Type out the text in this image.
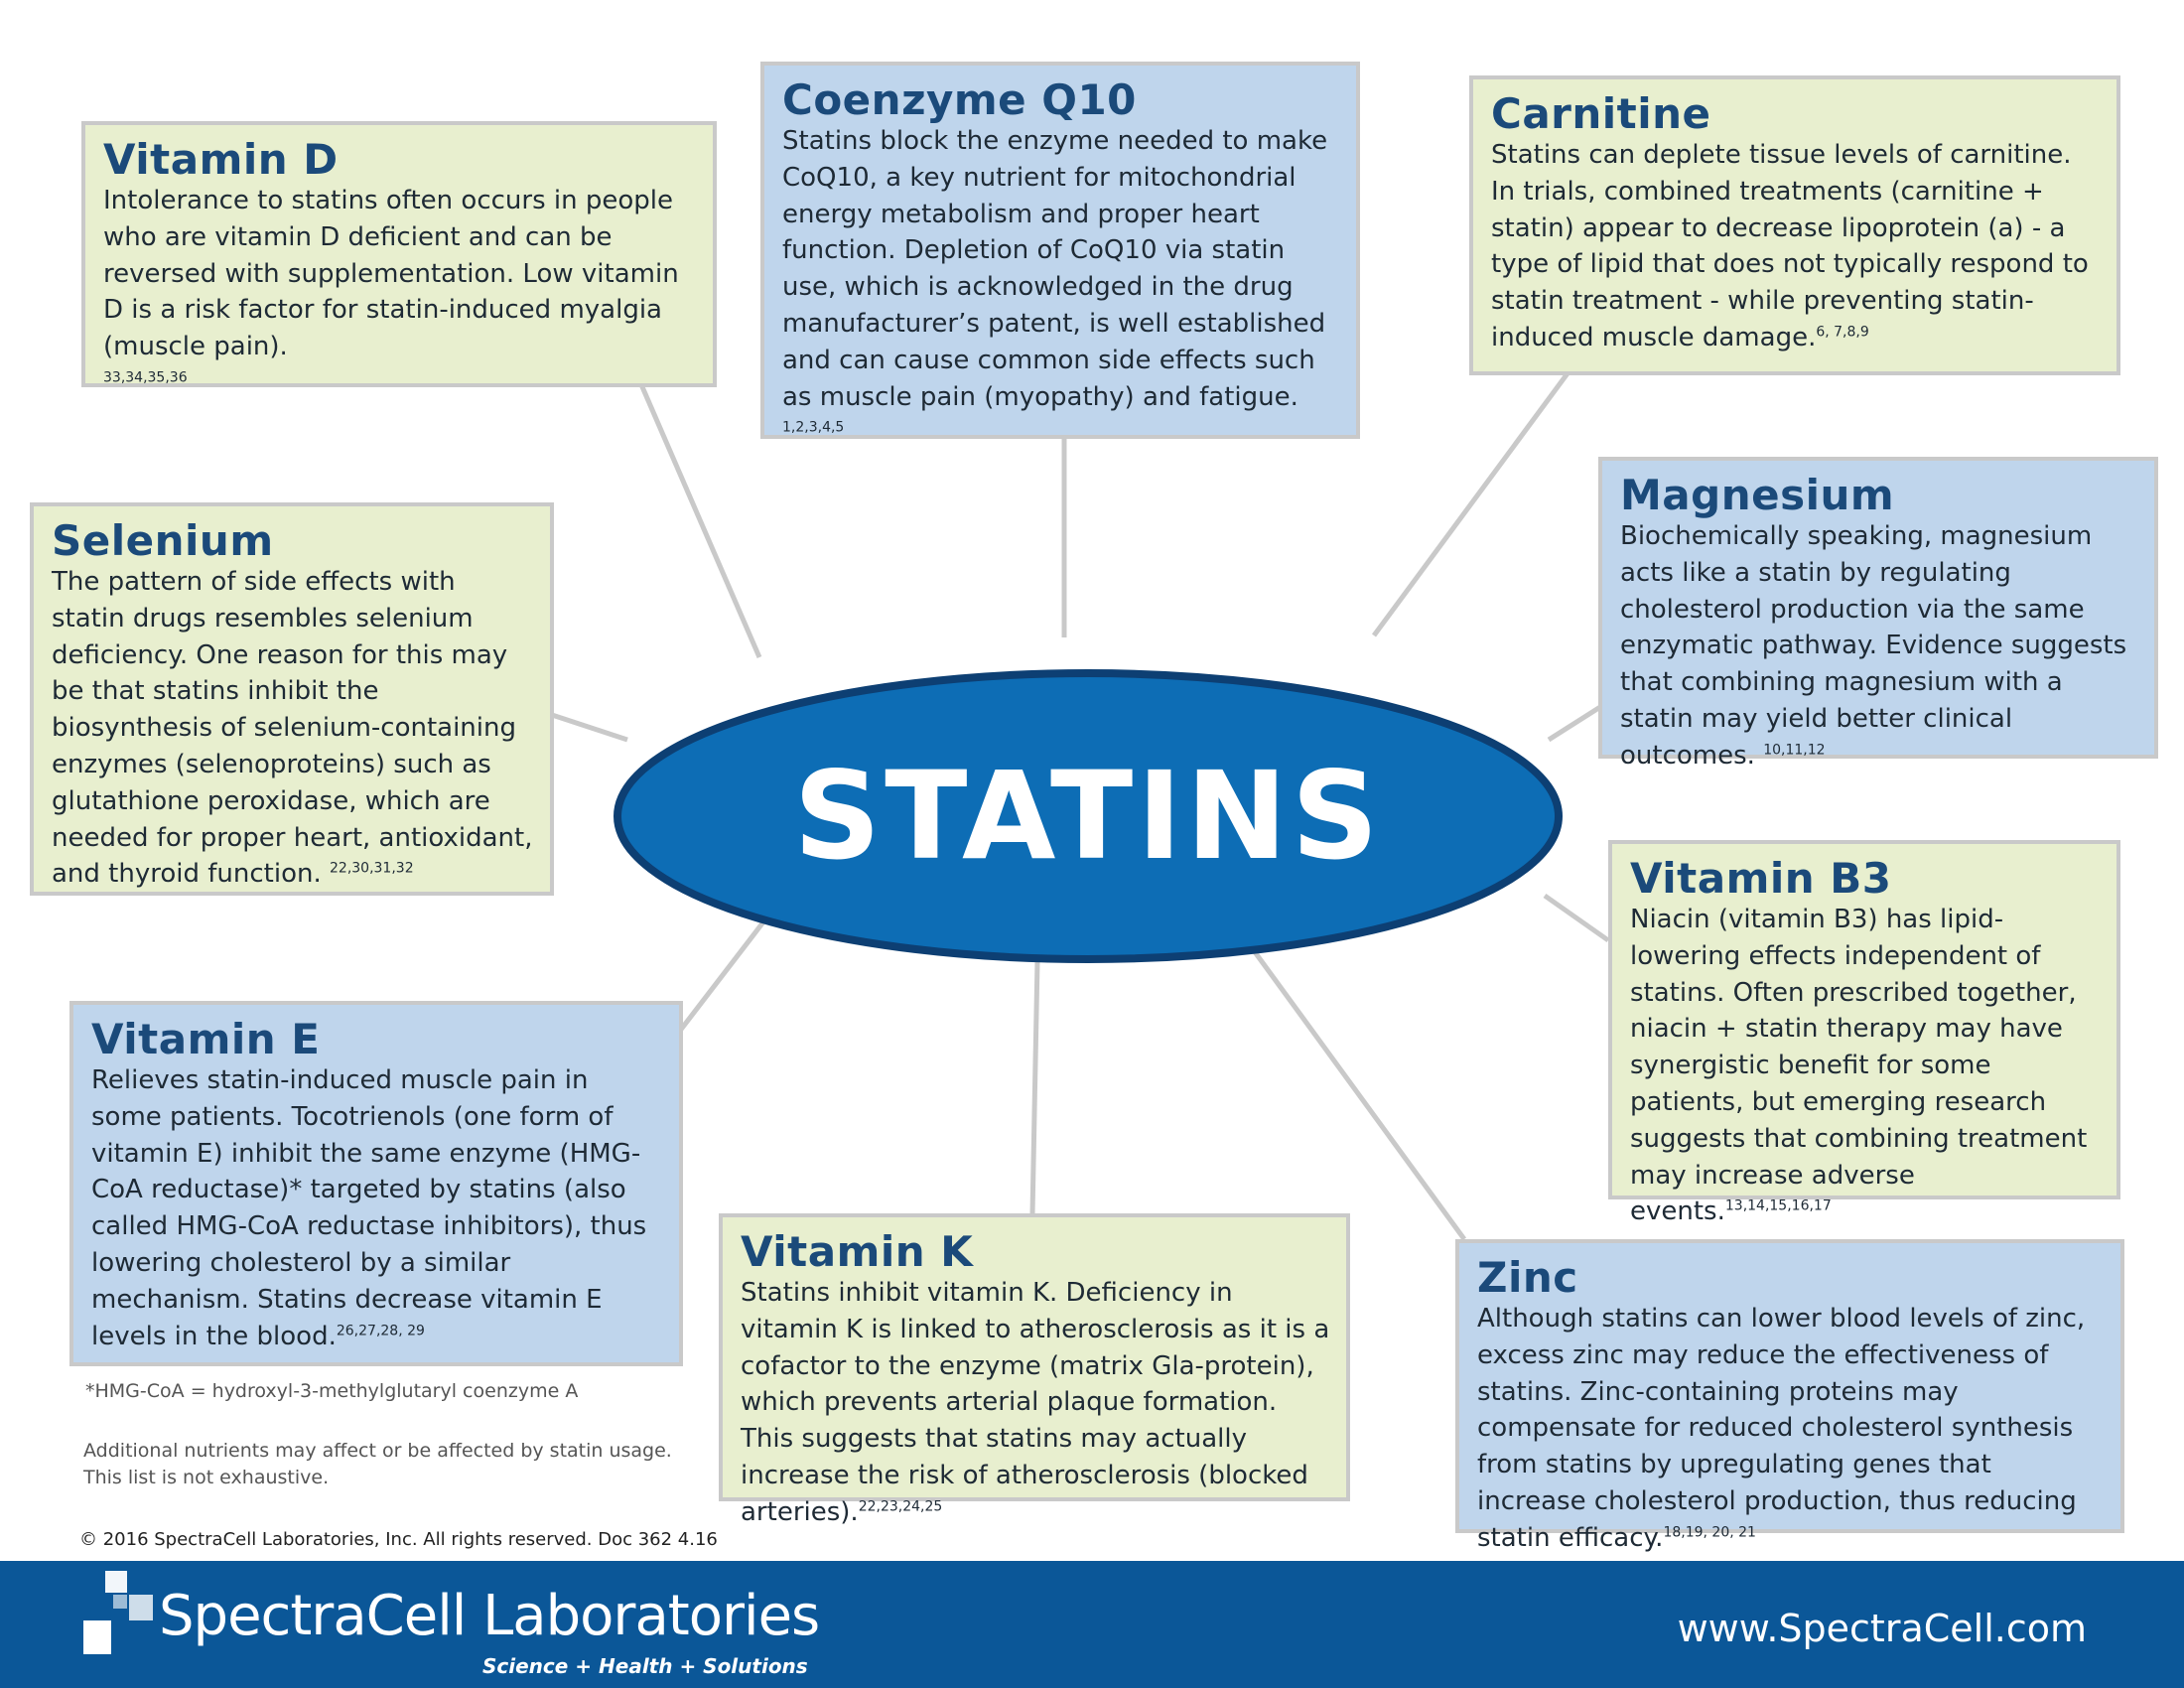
STATINS
Vitamin D

Intolerance to statins often occurs in people who are vitamin D deficient and can be reversed with supplementation. Low vitamin D is a risk factor for statin-induced myalgia (muscle pain).
$^{33,34,35,36}$

Coenzyme Q10

Statins block the enzyme needed to make CoQ10, a key nutrient for mitochondrial energy metabolism and proper heart function. Depletion of CoQ10 via statin use, which is acknowledged in the drug manufacturer’s patent, is well established and can cause common side effects such as muscle pain (myopathy) and fatigue. $^{1,2,3,4,5}$

Carnitine

Statins can deplete tissue levels of carnitine. In trials, combined treatments (carnitine + statin) appear to decrease lipoprotein (a) - a type of lipid that does not typically respond to statin treatment - while preventing statin-induced muscle damage.$^{6, 7,8,9}$

Magnesium

Biochemically speaking, magnesium acts like a statin by regulating cholesterol production via the same enzymatic pathway. Evidence suggests that combining magnesium with a statin may yield better clinical outcomes. $^{10,11,12}$

Selenium

The pattern of side effects with statin drugs resembles selenium deficiency. One reason for this may be that statins inhibit the biosynthesis of selenium-containing enzymes (selenoproteins) such as glutathione peroxidase, which are needed for proper heart, antioxidant, and thyroid function. $^{22,30,31,32}$	Vitamin B3

Niacin (vitamin B3) has lipid-lowering effects independent of statins. Often prescribed together, niacin + statin therapy may have synergistic benefit for some patients, but emerging research suggests that combining treatment may increase adverse events.$^{13,14,15,16,17}$

Vitamin E

Relieves statin-induced muscle pain in some patients. Tocotrienols (one form of vitamin E) inhibit the same enzyme (HMG-CoA reductase)* targeted by statins (also called HMG-CoA reductase inhibitors), thus lowering cholesterol by a similar mechanism. Statins decrease vitamin E levels in the blood.$^{26,27,28, 29}$

Vitamin K

Statins inhibit vitamin K. Deficiency in vitamin K is linked to atherosclerosis as it is a cofactor to the enzyme (matrix Gla-protein), which prevents arterial plaque formation. This suggests that statins may actually increase the risk of atherosclerosis (blocked arteries).$^{22,23,24,25}$

Zinc

Although statins can lower blood levels of zinc, excess zinc may reduce the effectiveness of statins. Zinc-containing proteins may compensate for reduced cholesterol synthesis from statins by upregulating genes that increase cholesterol production, thus reducing statin efficacy.$^{18,19, 20, 21}$

*HMG-CoA = hydroxyl-3-methylglutaryl coenzyme A
Additional nutrients may affect or be affected by statin usage.
This list is not exhaustive.
© 2016 SpectraCell Laboratories, Inc. All rights reserved. Doc 362 4.16
SpectraCell Laboratories
Science + Health + Solutions
www.SpectraCell.com
